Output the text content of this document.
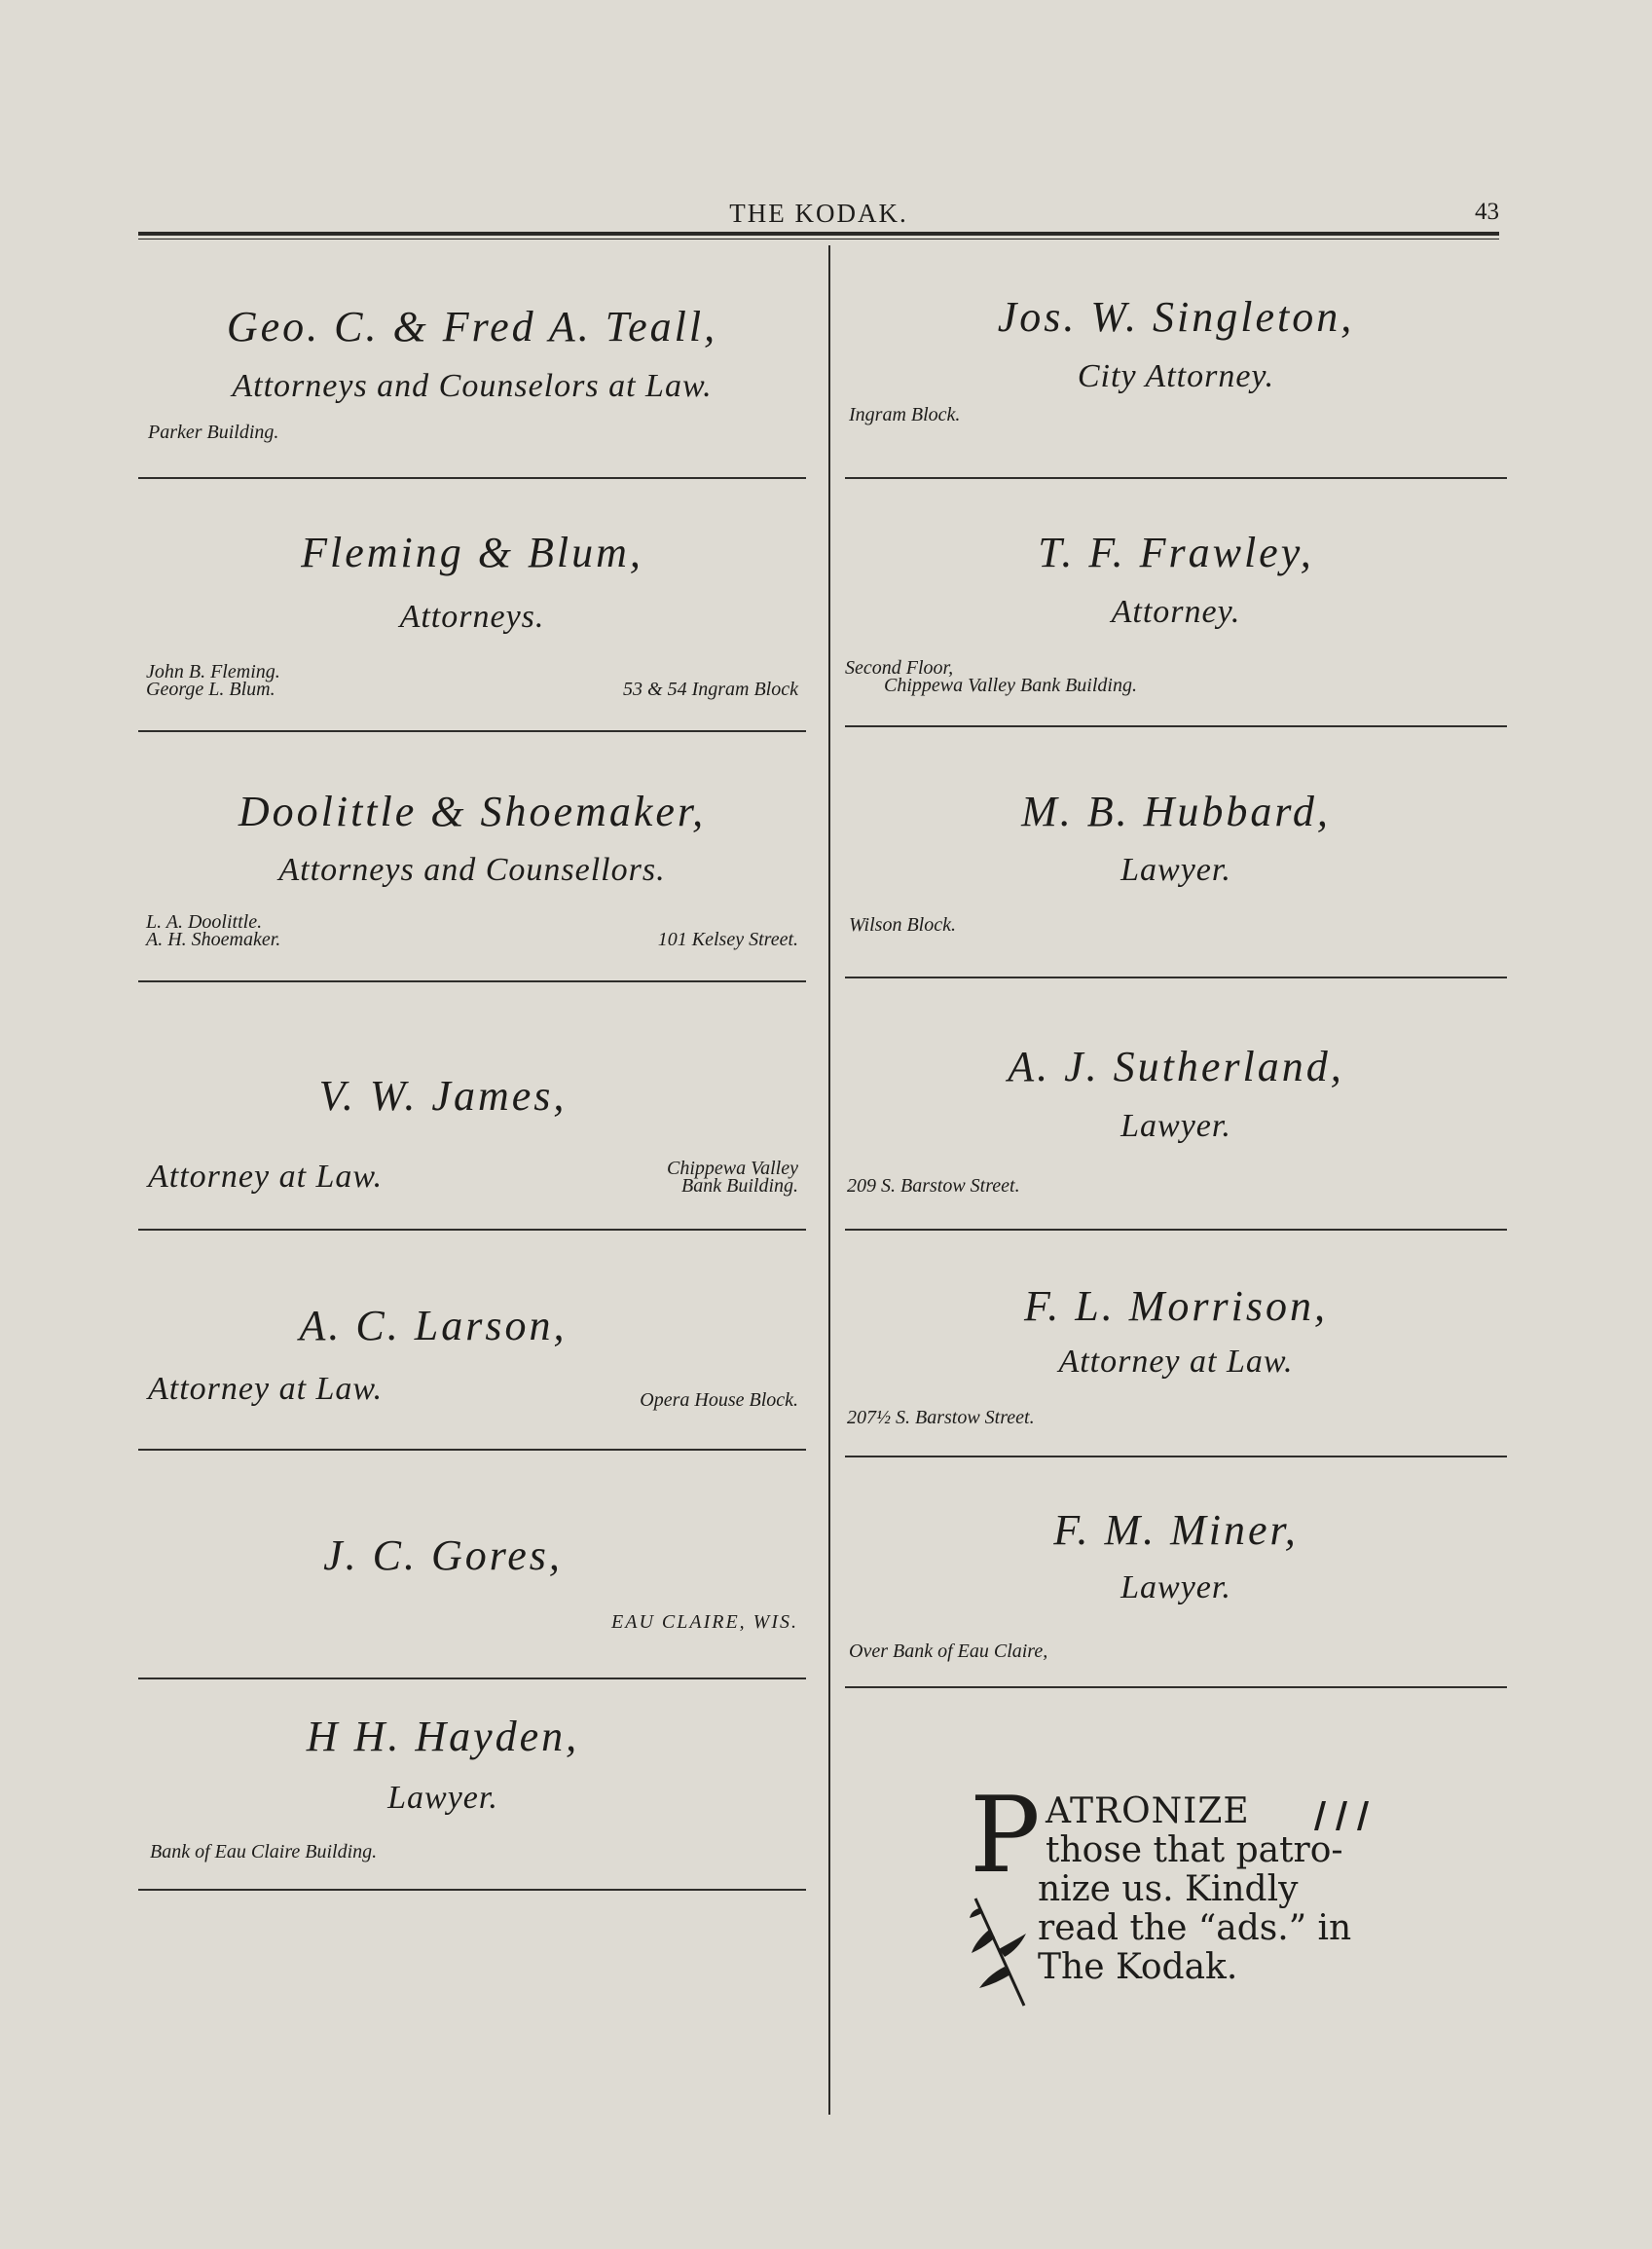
THE KODAK.	43
Geo. C. & Fred A. Teall,
Attorneys and Counselors at Law.
Parker Building.
Fleming & Blum,
Attorneys.
John B. Fleming.
George L. Blum.	53 & 54 Ingram Block
Doolittle & Shoemaker,
Attorneys and Counsellors.
L. A. Doolittle.
A. H. Shoemaker.	101 Kelsey Street.
V. W. James,
Attorney at Law.	Chippewa Valley
Bank Building.
A. C. Larson,
Attorney at Law.	Opera House Block.
J. C. Gores,
EAU CLAIRE, WIS.
H H. Hayden,
Lawyer.
Bank of Eau Claire Building.
Jos. W. Singleton,
City Attorney.
Ingram Block.
T. F. Frawley,
Attorney.
Second Floor,
Chippewa Valley Bank Building.
M. B. Hubbard,
Lawyer.
Wilson Block.
A. J. Sutherland,
Lawyer.
209 S. Barstow Street.
F. L. Morrison,
Attorney at Law.
207½ S. Barstow Street.
F. M. Miner,
Lawyer.
Over Bank of Eau Claire,
P ATRONIZE
those that patro-
nize us. Kindly
read the “ads.” in
The Kodak.
